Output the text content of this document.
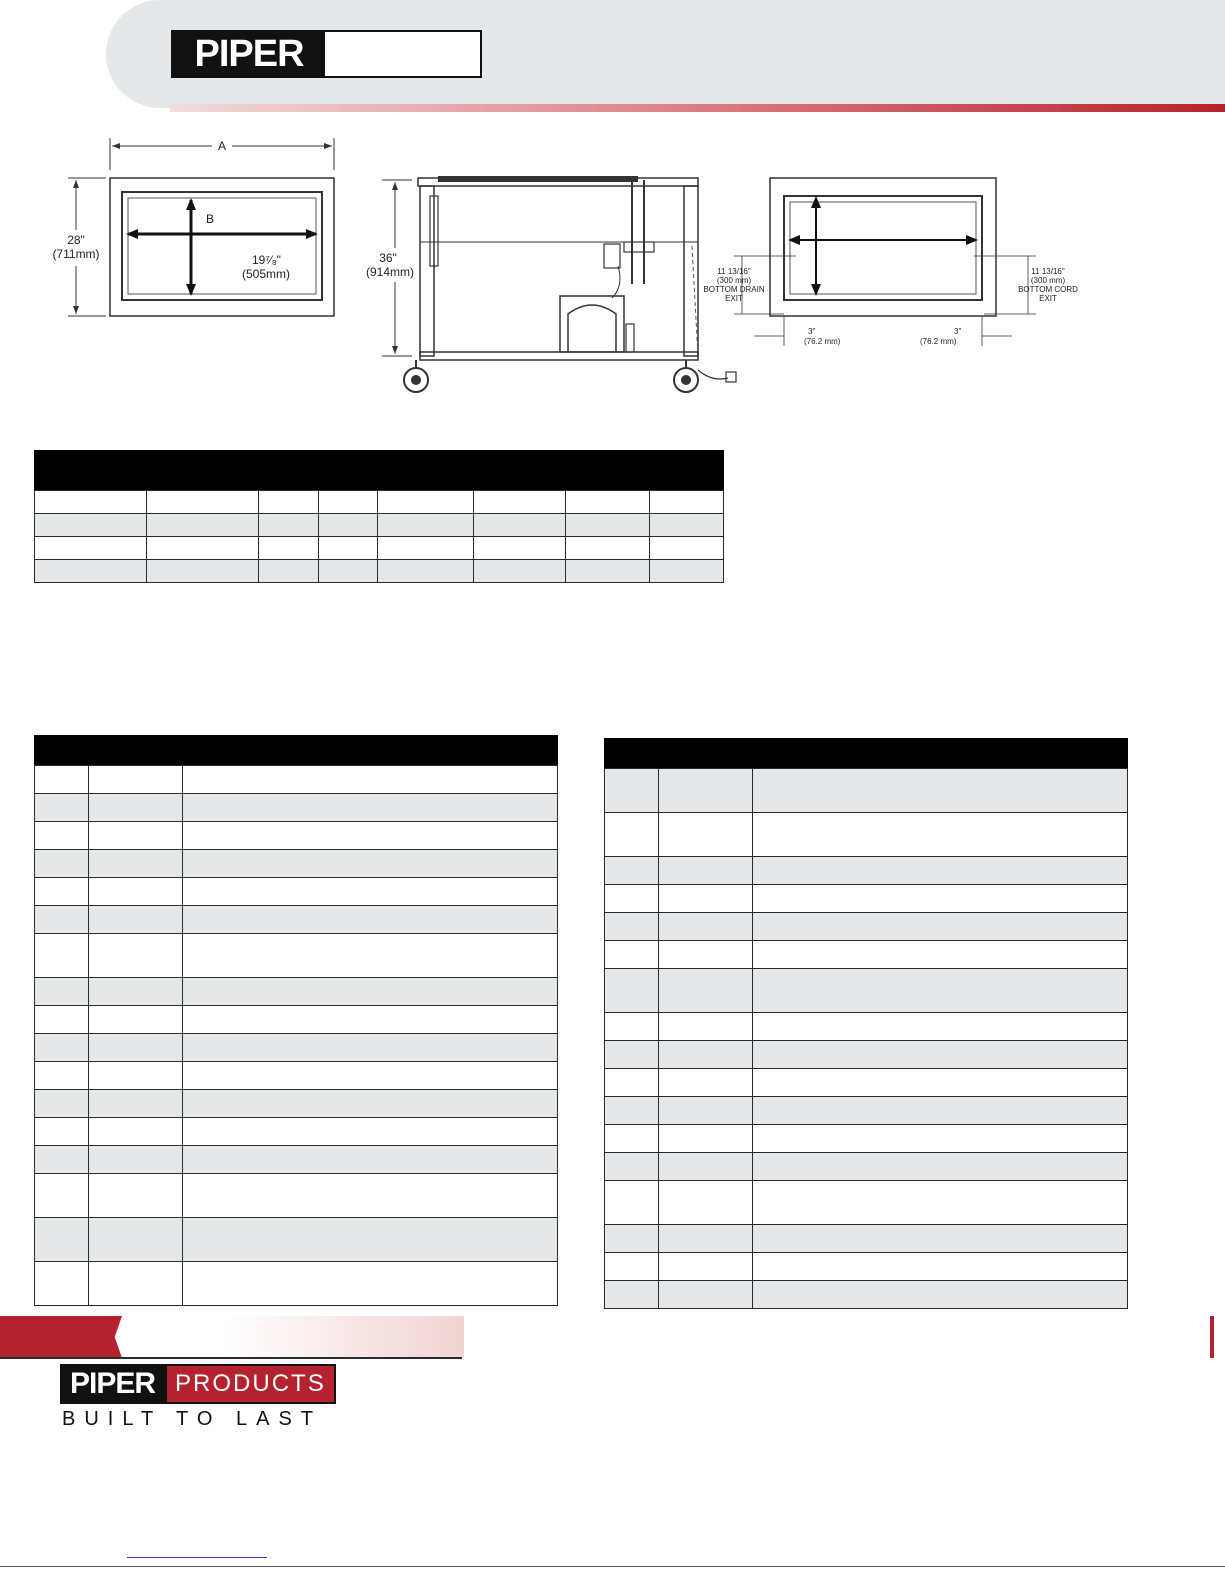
PIPER
A
B
19⁷⁄₈"
(505mm)
28"
(711mm)	36"
(914mm)	11 13/16"
(300 mm)
BOTTOM DRAIN
EXIT
11 13/16"
(300 mm)
BOTTOM CORD
EXIT
3"
(76.2 mm)
3"
(76.2 mm)

PIPER PRODUCTS
BUILT TO LAST
